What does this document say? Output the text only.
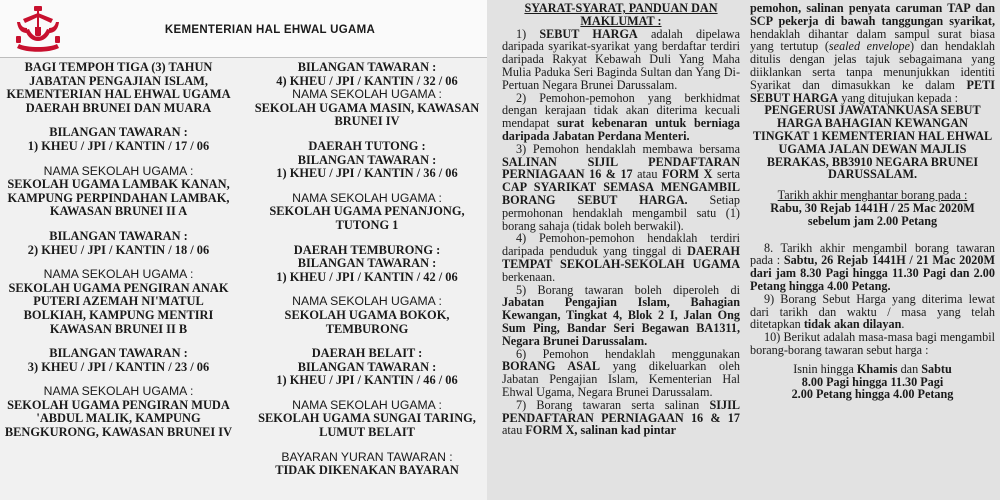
KEMENTERIAN HAL EHWAL UGAMA
BAGI TEMPOH TIGA (3) TAHUN JABATAN PENGAJIAN ISLAM, KEMENTERIAN HAL EHWAL UGAMA DAERAH BRUNEI DAN MUARA
BILANGAN TAWARAN :
1) KHEU / JPI / KANTIN / 17 / 06
NAMA SEKOLAH UGAMA :
SEKOLAH UGAMA LAMBAK KANAN, KAMPUNG PERPINDAHAN LAMBAK, KAWASAN BRUNEI II A
BILANGAN TAWARAN :
2) KHEU / JPI / KANTIN / 18 / 06
NAMA SEKOLAH UGAMA :
SEKOLAH UGAMA PENGIRAN ANAK PUTERI AZEMAH NI'MATUL BOLKIAH, KAMPUNG MENTIRI KAWASAN BRUNEI II B
BILANGAN TAWARAN :
3) KHEU / JPI / KANTIN / 23 / 06
NAMA SEKOLAH UGAMA :
SEKOLAH UGAMA PENGIRAN MUDA 'ABDUL MALIK, KAMPUNG BENGKURONG, KAWASAN BRUNEI IV
BILANGAN TAWARAN :
4) KHEU / JPI / KANTIN / 32 / 06
NAMA SEKOLAH UGAMA :
SEKOLAH UGAMA MASIN, KAWASAN BRUNEI IV
DAERAH TUTONG :
BILANGAN TAWARAN :
1) KHEU / JPI / KANTIN / 36 / 06
NAMA SEKOLAH UGAMA :
SEKOLAH UGAMA PENANJONG, TUTONG 1
DAERAH TEMBURONG :
BILANGAN TAWARAN :
1) KHEU / JPI / KANTIN / 42 / 06
NAMA SEKOLAH UGAMA :
SEKOLAH UGAMA BOKOK, TEMBURONG
DAERAH BELAIT :
BILANGAN TAWARAN :
1) KHEU / JPI / KANTIN / 46 / 06
NAMA SEKOLAH UGAMA :
SEKOLAH UGAMA SUNGAI TARING, LUMUT BELAIT
BAYARAN YURAN TAWARAN :
TIDAK DIKENAKAN BAYARAN
SYARAT-SYARAT, PANDUAN DAN MAKLUMAT :
1) SEBUT HARGA adalah dipelawa daripada syarikat-syarikat yang berdaftar terdiri daripada Rakyat Kebawah Duli Yang Maha Mulia Paduka Seri Baginda Sultan dan Yang Di-Pertuan Negara Brunei Darussalam.
2) Pemohon-pemohon yang berkhidmat dengan kerajaan tidak akan diterima kecuali mendapat surat kebenaran untuk berniaga daripada Jabatan Perdana Menteri.
3) Pemohon hendaklah membawa bersama SALINAN SIJIL PENDAFTARAN PERNIAGAAN 16 & 17 atau FORM X serta CAP SYARIKAT SEMASA MENGAMBIL BORANG SEBUT HARGA. Setiap permohonan hendaklah mengambil satu (1) borang sahaja (tidak boleh berwakil).
4) Pemohon-pemohon hendaklah terdiri daripada penduduk yang tinggal di DAERAH TEMPAT SEKOLAH-SEKOLAH UGAMA berkenaan.
5) Borang tawaran boleh diperoleh di Jabatan Pengajian Islam, Bahagian Kewangan, Tingkat 4, Blok 2 I, Jalan Ong Sum Ping, Bandar Seri Begawan BA1311, Negara Brunei Darussalam.
6) Pemohon hendaklah menggunakan BORANG ASAL yang dikeluarkan oleh Jabatan Pengajian Islam, Kementerian Hal Ehwal Ugama, Negara Brunei Darussalam.
7) Borang tawaran serta salinan SIJIL PENDAFTARAN PERNIAGAAN 16 & 17 atau FORM X, salinan kad pintar
pemohon, salinan penyata caruman TAP dan SCP pekerja di bawah tanggungan syarikat, hendaklah dihantar dalam sampul surat biasa yang tertutup (sealed envelope) dan hendaklah ditulis dengan jelas tajuk sebagaimana yang diiklankan serta tanpa menunjukkan identiti Syarikat dan dimasukkan ke dalam PETI SEBUT HARGA yang ditujukan kepada :
PENGERUSI JAWATANKUASA SEBUT HARGA BAHAGIAN KEWANGAN TINGKAT 1 KEMENTERIAN HAL EHWAL UGAMA JALAN DEWAN MAJLIS BERAKAS, BB3910 NEGARA BRUNEI DARUSSALAM.
Tarikh akhir menghantar borang pada :
Rabu, 30 Rejab 1441H / 25 Mac 2020M
sebelum jam 2.00 Petang
8. Tarikh akhir mengambil borang tawaran pada : Sabtu, 26 Rejab 1441H / 21 Mac 2020M dari jam 8.30 Pagi hingga 11.30 Pagi dan 2.00 Petang hingga 4.00 Petang.
9) Borang Sebut Harga yang diterima lewat dari tarikh dan waktu / masa yang telah ditetapkan tidak akan dilayan.
10) Berikut adalah masa-masa bagi mengambil borang-borang tawaran sebut harga :
Isnin hingga Khamis dan Sabtu
8.00 Pagi hingga 11.30 Pagi
2.00 Petang hingga 4.00 Petang
